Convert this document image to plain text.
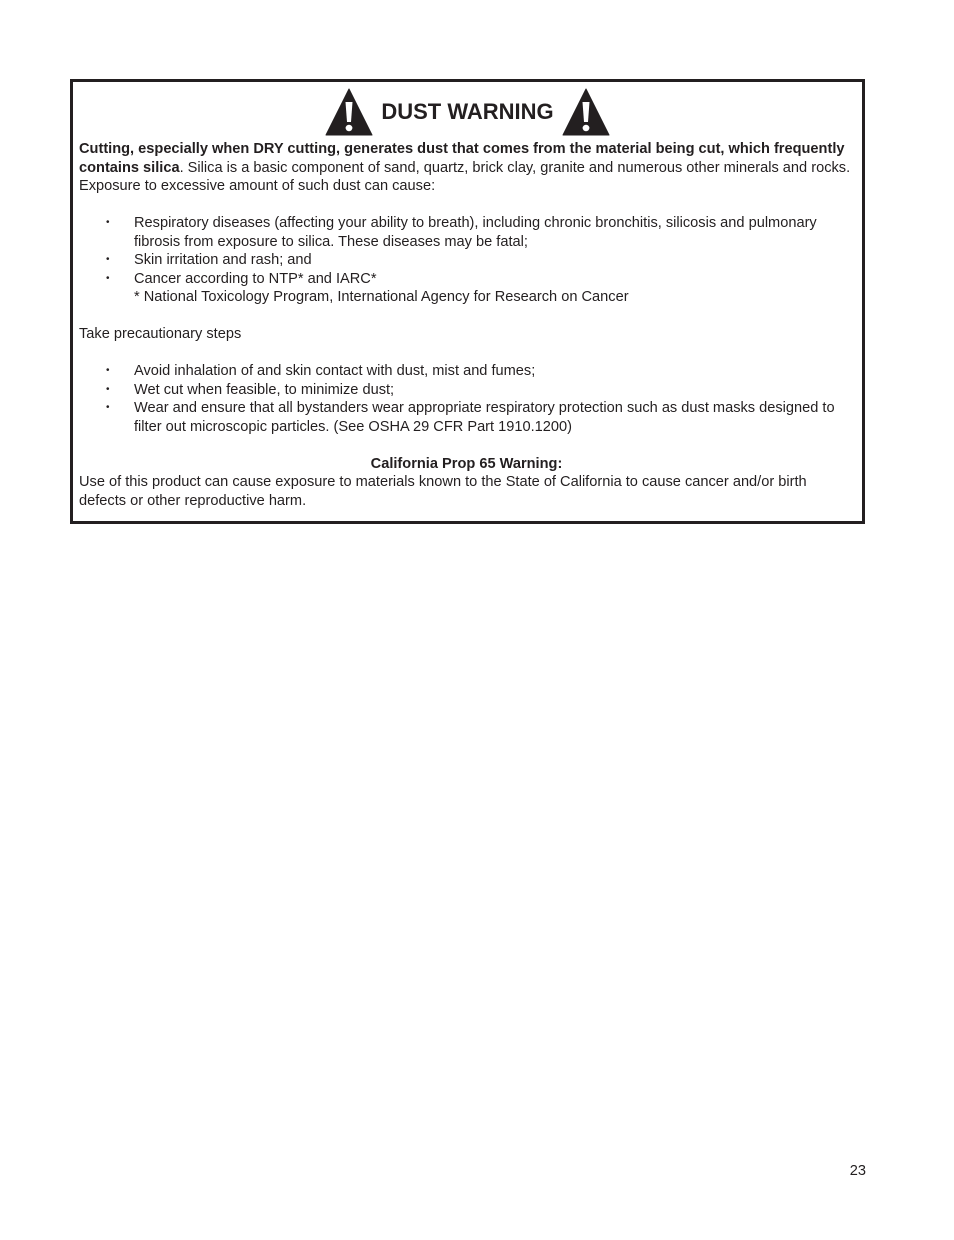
DUST WARNING

Cutting, especially when DRY cutting, generates dust that comes from the material being cut, which frequently contains silica. Silica is a basic component of sand, quartz, brick clay, granite and numerous other minerals and rocks. Exposure to excessive amount of such dust can cause:

• Respiratory diseases (affecting your ability to breath), including chronic bronchitis, silicosis and pulmonary fibrosis from exposure to silica. These diseases may be fatal;
• Skin irritation and rash; and
• Cancer according to NTP* and IARC*
* National Toxicology Program, International Agency for Research on Cancer

Take precautionary steps

• Avoid inhalation of and skin contact with dust, mist and fumes;
• Wet cut when feasible, to minimize dust;
• Wear and ensure that all bystanders wear appropriate respiratory protection such as dust masks designed to filter out microscopic particles. (See OSHA 29 CFR Part 1910.1200)

California Prop 65 Warning:

Use of this product can cause exposure to materials known to the State of California to cause cancer and/or birth defects or other reproductive harm.

23
